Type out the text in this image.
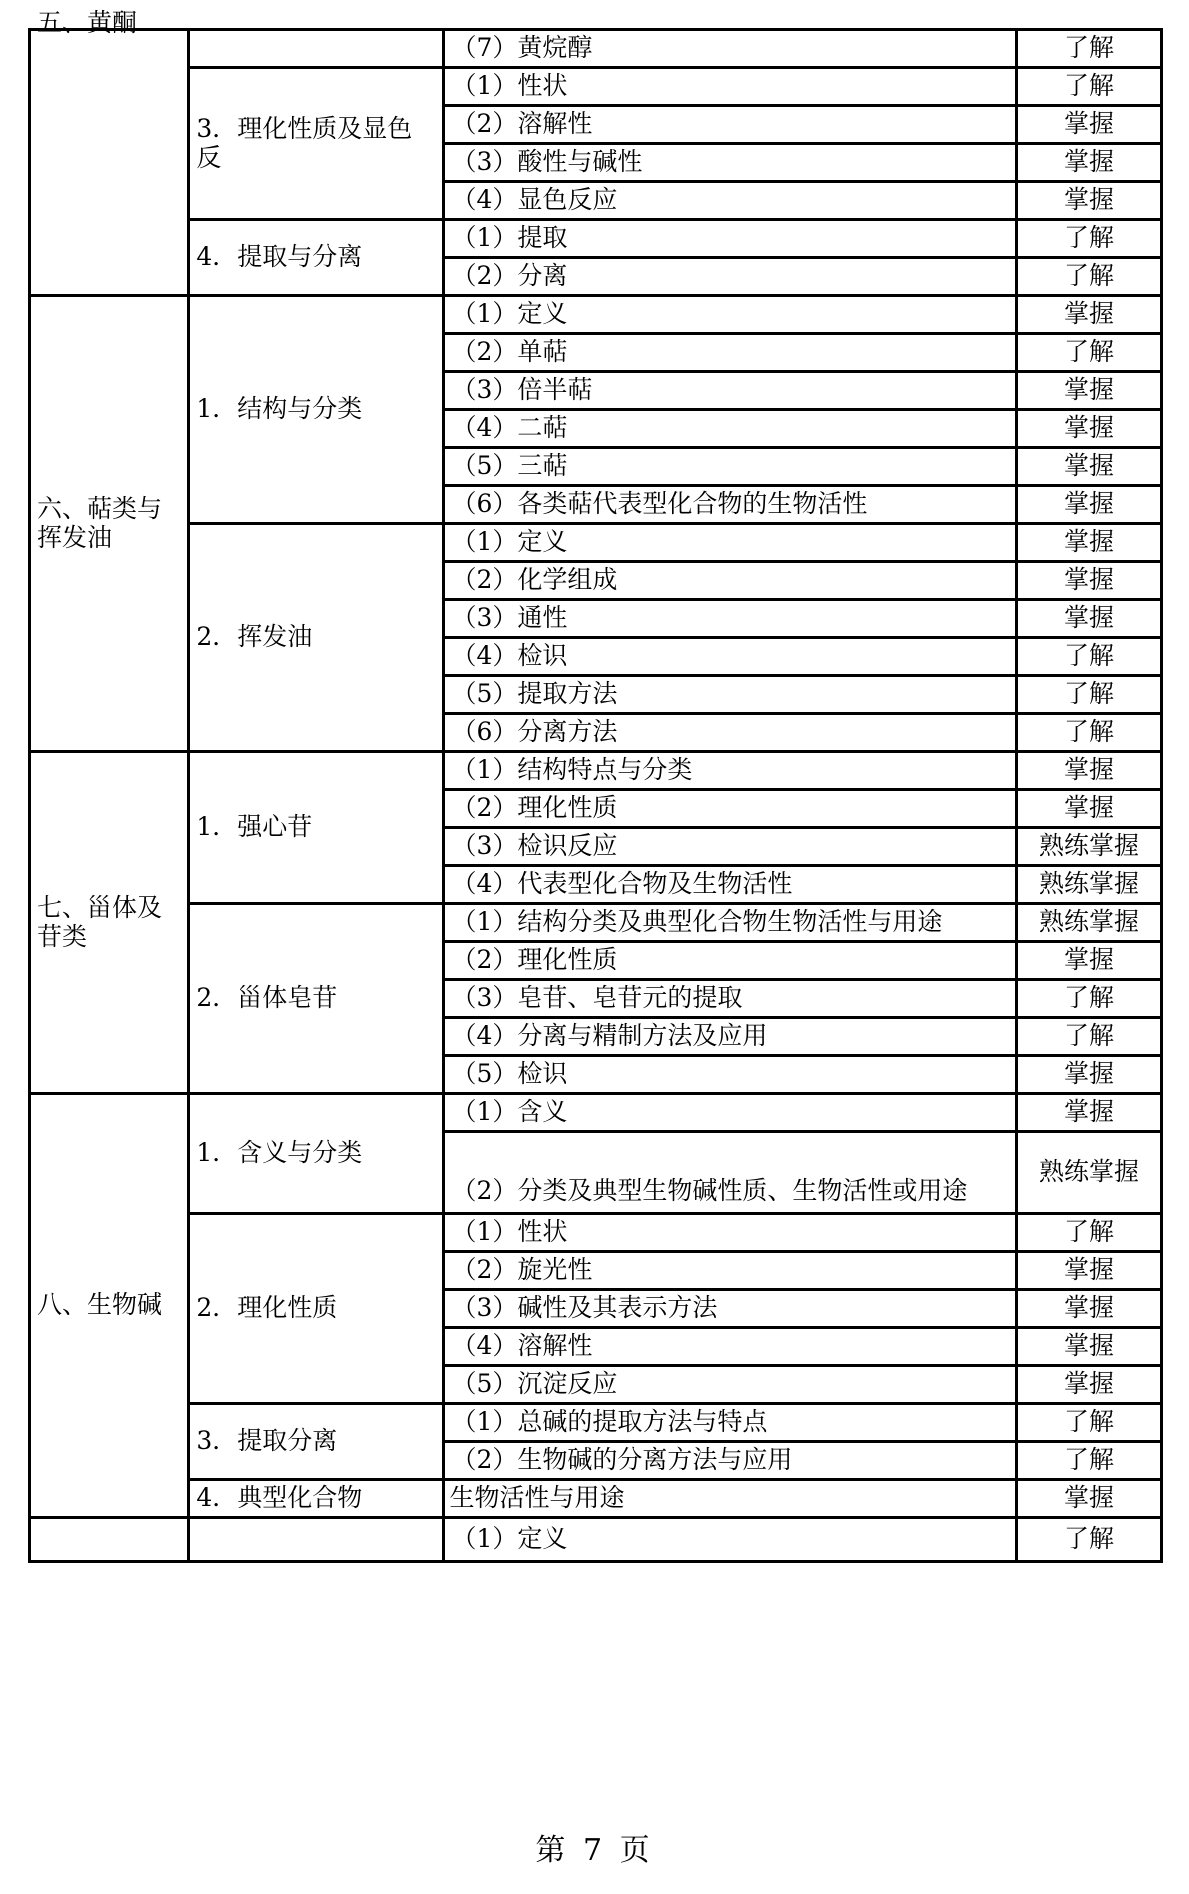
五、黄酮		（7）黄烷醇	了解
	3．理化性质及显色反	（1）性状	了解
		（2）溶解性	掌握
		（3）酸性与碱性	掌握
		（4）显色反应	掌握
	4．提取与分离	（1）提取	了解
		（2）分离	了解
六、萜类与挥发油	1．结构与分类	（1）定义	掌握
		（2）单萜	了解
		（3）倍半萜	掌握
		（4）二萜	掌握
		（5）三萜	掌握
		（6）各类萜代表型化合物的生物活性	掌握
	2．挥发油	（1）定义	掌握
		（2）化学组成	掌握
		（3）通性	掌握
		（4）检识	了解
		（5）提取方法	了解
		（6）分离方法	了解
七、甾体及苷类	1．强心苷	（1）结构特点与分类	掌握
		（2）理化性质	掌握
		（3）检识反应	熟练掌握
		（4）代表型化合物及生物活性	熟练掌握
	2．甾体皂苷	（1）结构分类及典型化合物生物活性与用途	熟练掌握
		（2）理化性质	掌握
		（3）皂苷、皂苷元的提取	了解
		（4）分离与精制方法及应用	了解
		（5）检识	掌握
八、生物碱	1．含义与分类	（1）含义	掌握
		（2）分类及典型生物碱性质、生物活性或用途	熟练掌握
	2．理化性质	（1）性状	了解
		（2）旋光性	掌握
		（3）碱性及其表示方法	掌握
		（4）溶解性	掌握
		（5）沉淀反应	掌握
	3．提取分离	（1）总碱的提取方法与特点	了解
		（2）生物碱的分离方法与应用	了解
	4．典型化合物	生物活性与用途	掌握
		（1）定义	了解
第 7 页
